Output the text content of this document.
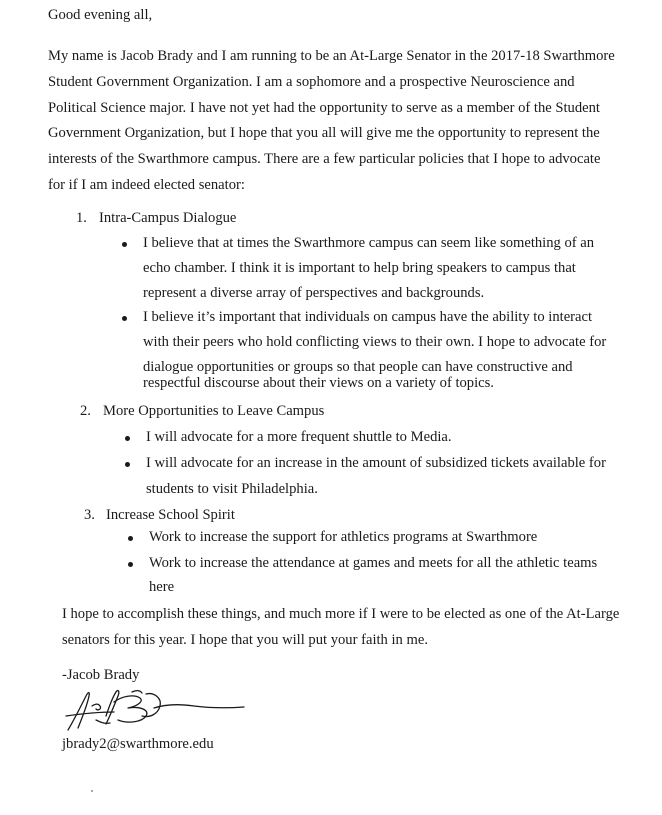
Good evening all,
My name is Jacob Brady and I am running to be an At-Large Senator in the 2017-18 Swarthmore
Student Government Organization. I am a sophomore and a prospective Neuroscience and
Political Science major. I have not yet had the opportunity to serve as a member of the Student
Government Organization, but I hope that you all will give me the opportunity to represent the
interests of the Swarthmore campus. There are a few particular policies that I hope to advocate
for if I am indeed elected senator:
1. Intra-Campus Dialogue
I believe that at times the Swarthmore campus can seem like something of an
echo chamber. I think it is important to help bring speakers to campus that
represent a diverse array of perspectives and backgrounds.
I believe it’s important that individuals on campus have the ability to interact
with their peers who hold conflicting views to their own. I hope to advocate for
dialogue opportunities or groups so that people can have constructive and
respectful discourse about their views on a variety of topics.
2. More Opportunities to Leave Campus
I will advocate for a more frequent shuttle to Media.
I will advocate for an increase in the amount of subsidized tickets available for
students to visit Philadelphia.
3. Increase School Spirit
Work to increase the support for athletics programs at Swarthmore
Work to increase the attendance at games and meets for all the athletic teams
here
I hope to accomplish these things, and much more if I were to be elected as one of the At-Large
senators for this year. I hope that you will put your faith in me.
-Jacob Brady
jbrady2@swarthmore.edu
